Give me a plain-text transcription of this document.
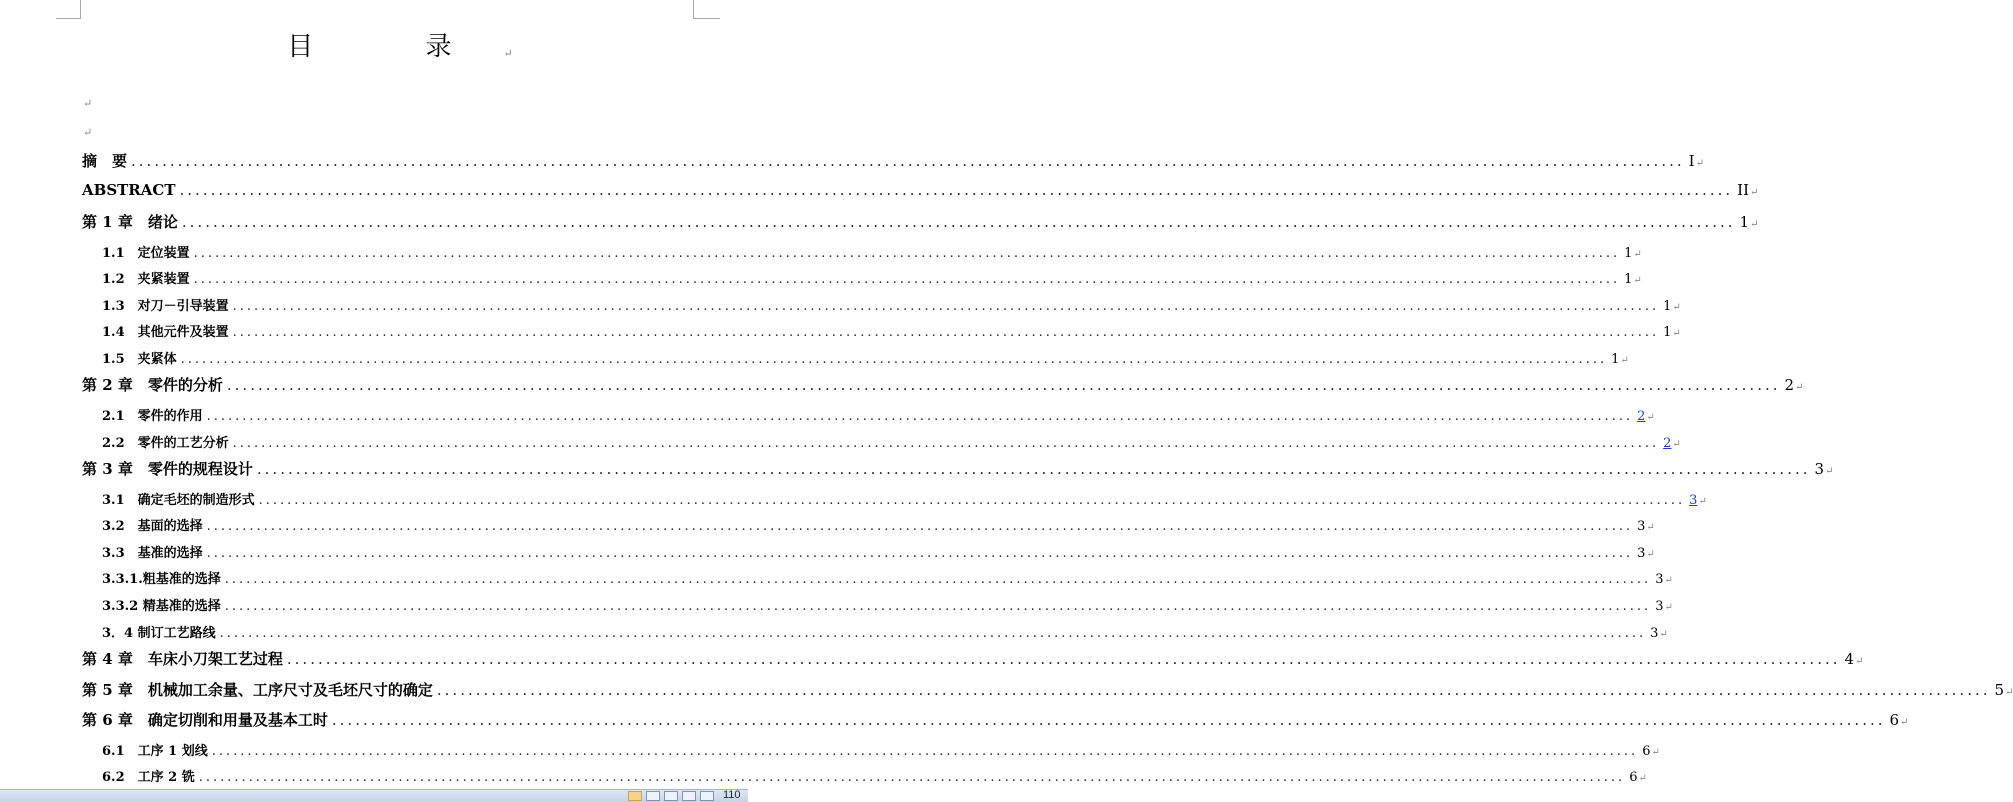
目 录↵
↵
↵
摘　要 ........................................................................................................................................................................................................ I ↵
ABSTRACT ........................................................................................................................................................................................................ II ↵
第 1 章　绪论 ........................................................................................................................................................................................................ 1 ↵
1.1　定位装置 ........................................................................................................................................................................................................ 1 ↵
1.2　夹紧装置 ........................................................................................................................................................................................................ 1 ↵
1.3　对刀－引导装置 ........................................................................................................................................................................................................ 1 ↵
1.4　其他元件及装置 ........................................................................................................................................................................................................ 1 ↵
1.5　夹紧体 ........................................................................................................................................................................................................ 1 ↵
第 2 章　零件的分析 ........................................................................................................................................................................................................ 2 ↵
2.1　零件的作用 ........................................................................................................................................................................................................ 2 ↵
2.2　零件的工艺分析 ........................................................................................................................................................................................................ 2 ↵
第 3 章　零件的规程设计 ........................................................................................................................................................................................................ 3 ↵
3.1　确定毛坯的制造形式 ........................................................................................................................................................................................................ 3 ↵
3.2　基面的选择 ........................................................................................................................................................................................................ 3 ↵
3.3　基准的选择 ........................................................................................................................................................................................................ 3 ↵
3.3.1.粗基准的选择 ........................................................................................................................................................................................................ 3 ↵
3.3.2 精基准的选择 ........................................................................................................................................................................................................ 3 ↵
3．4 制订工艺路线 ........................................................................................................................................................................................................ 3 ↵
第 4 章　车床小刀架工艺过程 ........................................................................................................................................................................................................ 4 ↵
第 5 章　机械加工余量、工序尺寸及毛坯尺寸的确定 ........................................................................................................................................................................................................ 5 ↵
第 6 章　确定切削和用量及基本工时 ........................................................................................................................................................................................................ 6 ↵
6.1　工序 1 划线 ........................................................................................................................................................................................................ 6 ↵
6.2　工序 2 铣 ........................................................................................................................................................................................................ 6 ↵
110
